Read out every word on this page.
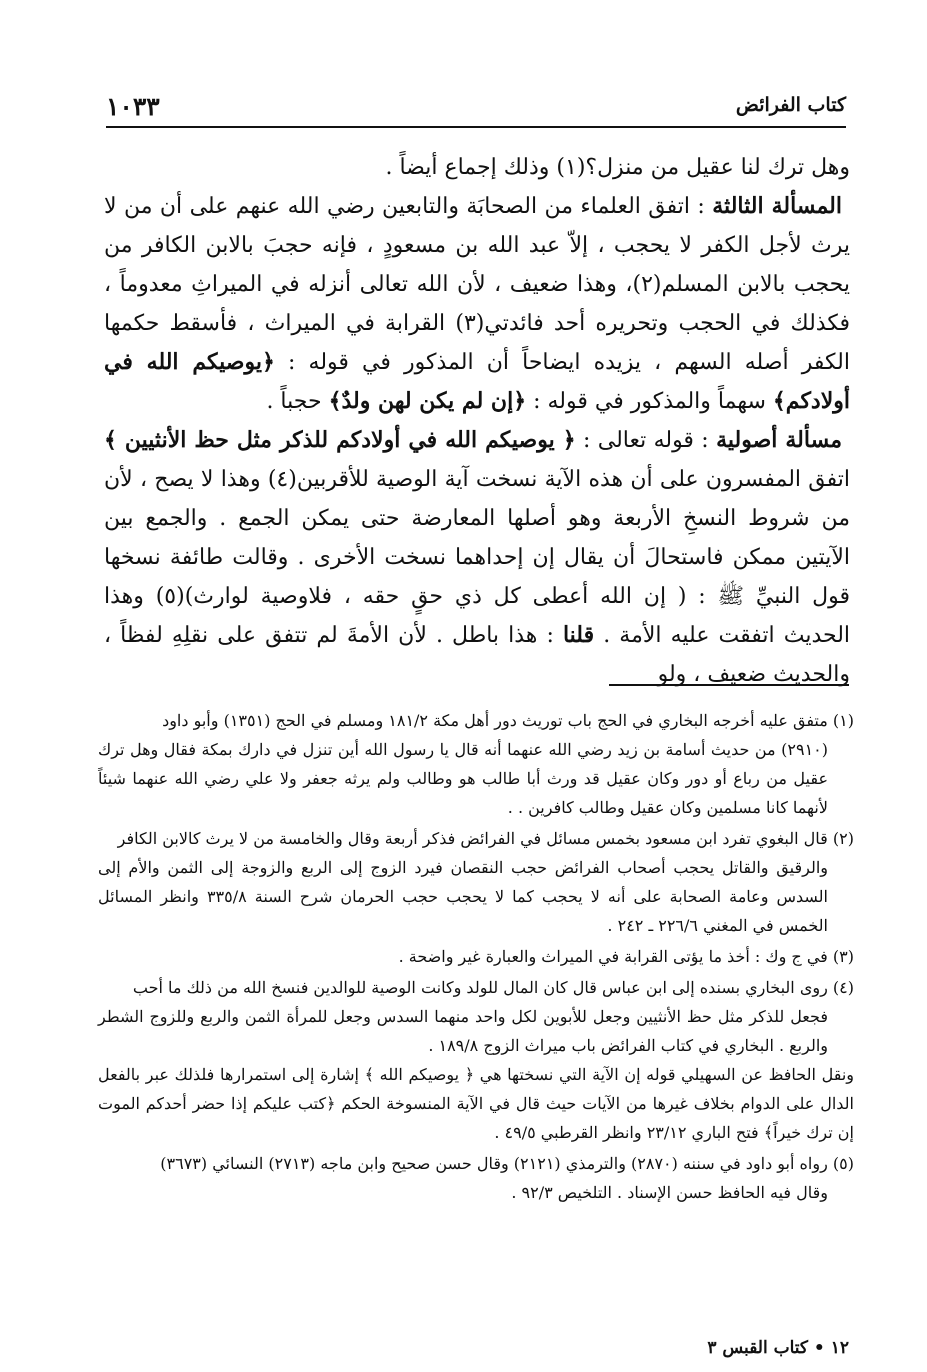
كتاب الفرائض
١٠٣٣

وهل ترك لنا عقيل من منزل؟(١) وذلك إجماع أيضاً .

المسألة الثالثة : اتفق العلماء من الصحابَة والتابعين رضي الله عنهم على أن من لا يرث لأجل الكفر لا يحجب ، إلاّ عبد الله بن مسعودٍ ، فإنه حجبَ بالابن الكافر من يحجب بالابن المسلم(٢)، وهذا ضعيف ، لأن الله تعالى أنزله في الميراثِ معدوماً ، فكذلك في الحجب وتحريره أحد فائدتي(٣) القرابة في الميراث ، فأسقط حكمها الكفر أصله السهم ، يزيده ايضاحاً أن المذكور في قوله : ﴿يوصيكم الله في أولادكم﴾ سهماً والمذكور في قوله : ﴿إن لم يكن لهن ولدٌ﴾ حجباً .

مسألة أصولية : قوله تعالى : ﴿ يوصيكم الله في أولادكم للذكر مثل حظ الأنثيين ﴾ اتفق المفسرون على أن هذه الآية نسخت آية الوصية للأقربين(٤) وهذا لا يصح ، لأن من شروط النسخِ الأربعة وهو أصلها المعارضة حتى يمكن الجمع . والجمع بين الآيتين ممكن فاستحالَ أن يقال إن إحداهما نسخت الأخرى . وقالت طائفة نسخها قول النبيِّ ﷺ : ( إن الله أعطى كل ذي حقٍ حقه ، فلاوصية لوارث)(٥) وهذا الحديث اتفقت عليه الأمة . قلنا : هذا باطل . لأن الأمةَ لم تتفق على نقلِهِ لفظاً ، والحديث ضعيف ، ولو

(١) متفق عليه أخرجه البخاري في الحج باب توريث دور أهل مكة ١٨١/٢ ومسلم في الحج (١٣٥١) وأبو داود
(٢٩١٠) من حديث أسامة بن زيد رضي الله عنهما أنه قال يا رسول الله أين تنزل في دارك بمكة فقال وهل ترك عقيل من رباع أو دور وكان عقيل قد ورث أبا طالب هو وطالب ولم يرثه جعفر ولا علي رضي الله عنهما شيئاً لأنهما كانا مسلمين وكان عقيل وطالب كافرين . .
(٢) قال البغوي تفرد ابن مسعود بخمس مسائل في الفرائض فذكر أربعة وقال والخامسة من لا يرث كالابن الكافر
والرقيق والقاتل يحجب أصحاب الفرائض حجب النقصان فيرد الزوج إلى الربع والزوجة إلى الثمن والأم إلى السدس وعامة الصحابة على أنه لا يحجب كما لا يحجب حجب الحرمان شرح السنة ٣٣٥/٨ وانظر المسائل الخمس في المغني ٢٢٦/٦ ـ ٢٤٢ .
(٣) في ج وك : أخذ ما يؤتى القرابة في الميراث والعبارة غير واضحة .
(٤) روى البخاري بسنده إلى ابن عباس قال كان المال للولد وكانت الوصية للوالدين فنسخ الله من ذلك ما أحب
فجعل للذكر مثل حظ الأنثيين وجعل للأبوين لكل واحد منهما السدس وجعل للمرأة الثمن والربع وللزوج الشطر والربع . البخاري في كتاب الفرائض باب ميراث الزوج ١٨٩/٨ .
ونقل الحافظ عن السهيلي قوله إن الآية التي نسختها هي ﴿ يوصيكم الله ﴾ إشارة إلى استمرارها فلذلك عبر بالفعل الدال على الدوام بخلاف غيرها من الآيات حيث قال في الآية المنسوخة الحكم ﴿كتب عليكم إذا حضر أحدكم الموت إن ترك خيراً﴾ فتح الباري ٢٣/١٢ وانظر القرطبي ٤٩/٥ .
(٥) رواه أبو داود في سننه (٢٨٧٠) والترمذي (٢١٢١) وقال حسن صحيح وابن ماجه (٢٧١٣) النسائي (٣٦٧٣)
وقال فيه الحافظ حسن الإسناد . التلخيص ٩٢/٣ .
١٢ • كتاب القبس ٣
